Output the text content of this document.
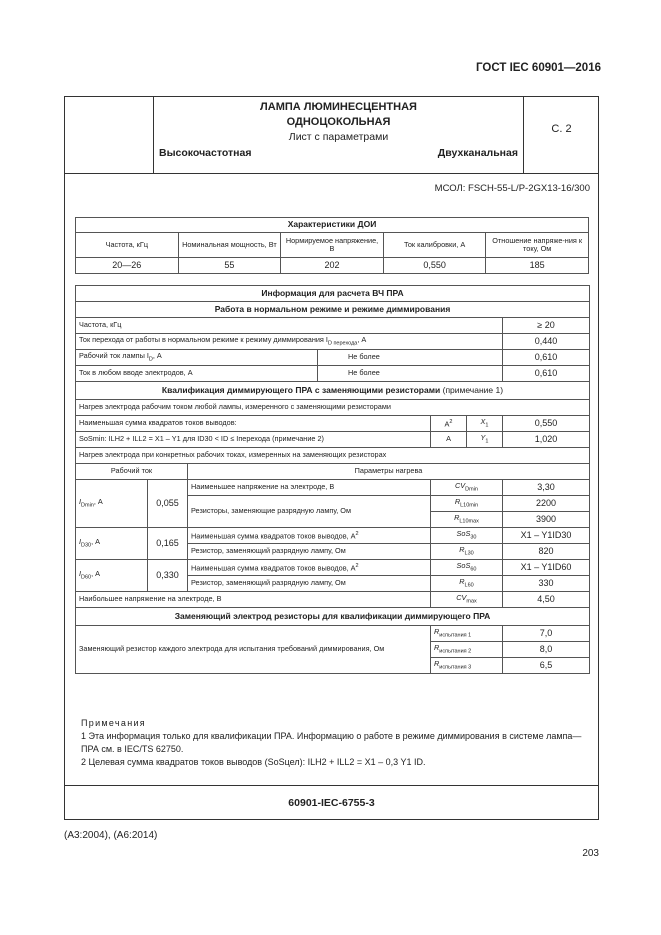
ГОСТ IEC 60901—2016
ЛАМПА ЛЮМИНЕСЦЕНТНАЯ
ОДНОЦОКОЛЬНАЯ
Лист с параметрами
Высокочастотная	Двухканальная
С. 2
МСОЛ: FSCH-55-L/P-2GX13-16/300
Характеристики ДОИ				
Частота, кГц	Номинальная мощность, Вт	Нормируемое напряжение, В	Ток калибровки, А	Отношение напряже-ния к току, Ом
20—26	55	202	0,550	185
Информация для расчета ВЧ ПРА						
Работа в нормальном режиме и режиме диммирования						
Частота, кГц						≥ 20
Ток перехода от работы в нормальном режиме к режиму диммирования $I_{D перехода}$, А						0,440
Рабочий ток лампы $I_D$, А			Не более			0,610
Ток в любом вводе электродов, А			Не более			0,610
Квалификация диммирующего ПРА с заменяющими резисторами (примечание 1)						
Нагрев электрода рабочим током любой лампы, измеренного с заменяющими резисторами						
Наименьшая сумма квадратов токов выводов:				$A^2$	$X_1$	0,550
SoSmin: ILH2 + ILL2 = X1 – Y1 для ID30 < ID ≤ Iперехода (примечание 2)				A	$Y_1$	1,020
Нагрев электрода при конкретных рабочих токах, измеренных на заменяющих резисторах						
Рабочий ток		Параметры нагрева				
$I_{Dmin}$, А	0,055	Наименьшее напряжение на электроде, В		$CV_{Dmin}$		3,30
		Резисторы, заменяющие разрядную лампу, Ом		$R_{L10min}$		2200
				$R_{L10max}$		3900
$I_{D30}$, А	0,165	Наименьшая сумма квадратов токов выводов, $А^2$		SoS$_{30}$		X1 – Y1ID30
		Резистор, заменяющий разрядную лампу, Ом		$R_{L30}$		820
$I_{D60}$, А	0,330	Наименьшая сумма квадратов токов выводов, $А^2$		SoS$_{60}$		X1 – Y1ID60
		Резистор, заменяющий разрядную лампу, Ом		$R_{L60}$		330
Наибольшее напряжение на электроде, В				$CV_{max}$		4,50
Заменяющий электрод резисторы для квалификации диммирующего ПРА						
Заменяющий резистор каждого электрода для испытания требований диммирования, Ом				$R_{испытания 1}$		7,0
				$R_{испытания 2}$		8,0
				$R_{испытания 3}$		6,5
Примечания
1 Эта информация только для квалификации ПРА. Информацию о работе в режиме диммирования в системе лампа—ПРА см. в IEC/TS 62750.
2 Целевая сумма квадратов токов выводов (SoSцел): ILH2 + ILL2 = X1 – 0,3 Y1 ID.
60901-IEC-6755-3
(А3:2004), (А6:2014)
203
